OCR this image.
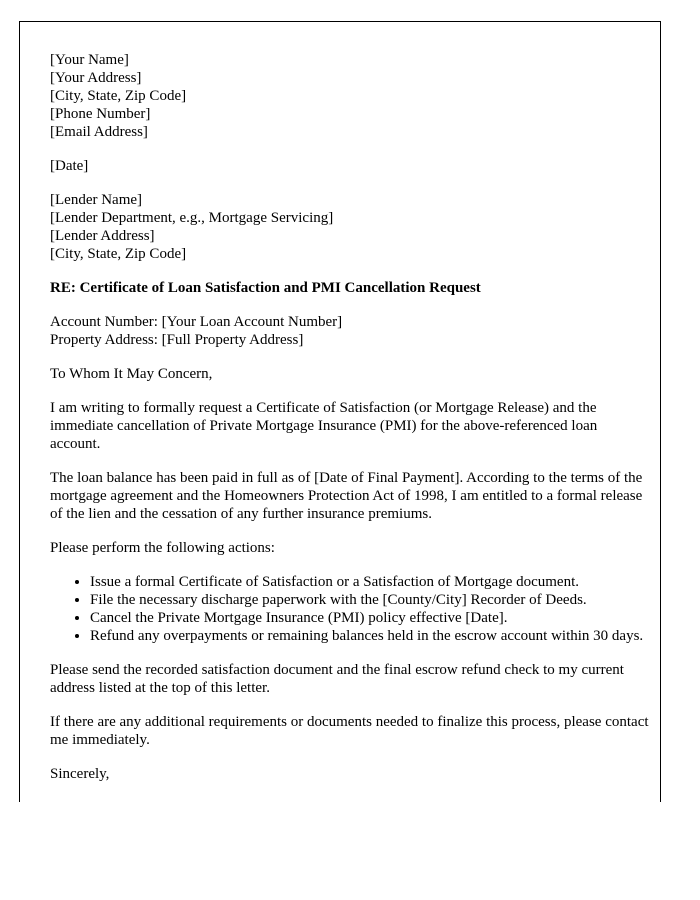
[Your Name]
[Your Address]
[City, State, Zip Code]
[Phone Number]
[Email Address]
[Date]
[Lender Name]
[Lender Department, e.g., Mortgage Servicing]
[Lender Address]
[City, State, Zip Code]
RE: Certificate of Loan Satisfaction and PMI Cancellation Request
Account Number: [Your Loan Account Number]
Property Address: [Full Property Address]

To Whom It May Concern,

I am writing to formally request a Certificate of Satisfaction (or Mortgage Release) and the immediate cancellation of Private Mortgage Insurance (PMI) for the above-referenced loan account.

The loan balance has been paid in full as of [Date of Final Payment]. According to the terms of the mortgage agreement and the Homeowners Protection Act of 1998, I am entitled to a formal release of the lien and the cessation of any further insurance premiums.

Please perform the following actions:

• Issue a formal Certificate of Satisfaction or a Satisfaction of Mortgage document.
• File the necessary discharge paperwork with the [County/City] Recorder of Deeds.
• Cancel the Private Mortgage Insurance (PMI) policy effective [Date].
• Refund any overpayments or remaining balances held in the escrow account within 30 days.

Please send the recorded satisfaction document and the final escrow refund check to my current address listed at the top of this letter.

If there are any additional requirements or documents needed to finalize this process, please contact me immediately.

Sincerely,
